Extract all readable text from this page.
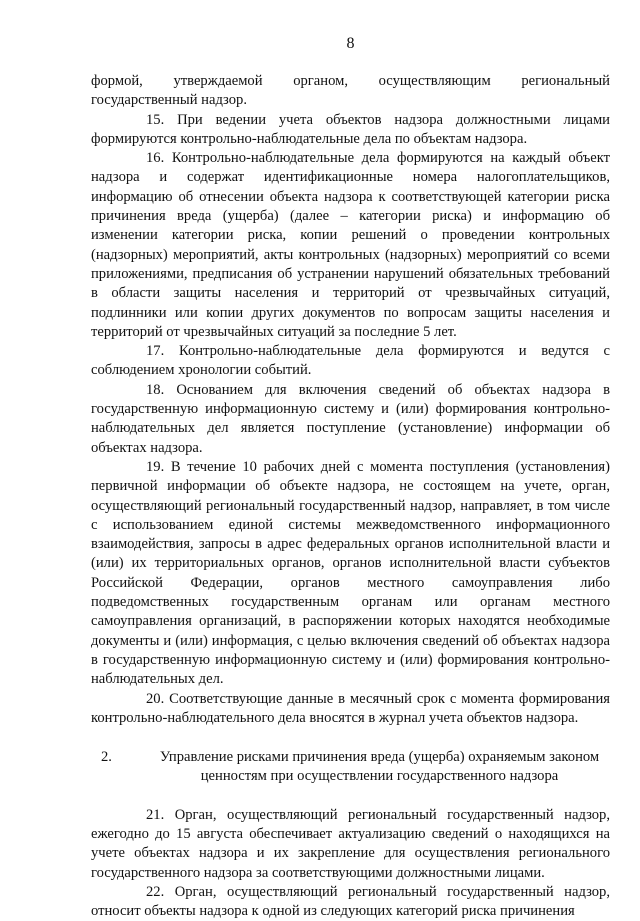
8

формой, утверждаемой органом, осуществляющим региональный государственный надзор.

15. При ведении учета объектов надзора должностными лицами формируются контрольно-наблюдательные дела по объектам надзора.

16. Контрольно-наблюдательные дела формируются на каждый объект надзора и содержат идентификационные номера налогоплательщиков, информацию об отнесении объекта надзора к соответствующей категории риска причинения вреда (ущерба) (далее – категории риска) и информацию об изменении категории риска, копии решений о проведении контрольных (надзорных) мероприятий, акты контрольных (надзорных) мероприятий со всеми приложениями, предписания об устранении нарушений обязательных требований в области защиты населения и территорий от чрезвычайных ситуаций, подлинники или копии других документов по вопросам защиты населения и территорий от чрезвычайных ситуаций за последние 5 лет.

17. Контрольно-наблюдательные дела формируются и ведутся с соблюдением хронологии событий.

18. Основанием для включения сведений об объектах надзора в государственную информационную систему и (или) формирования контрольно-наблюдательных дел является поступление (установление) информации об объектах надзора.

19. В течение 10 рабочих дней с момента поступления (установления) первичной информации об объекте надзора, не состоящем на учете, орган, осуществляющий региональный государственный надзор, направляет, в том числе с использованием единой системы межведомственного информационного взаимодействия, запросы в адрес федеральных органов исполнительной власти и (или) их территориальных органов, органов исполнительной власти субъектов Российской Федерации, органов местного самоуправления либо подведомственных государственным органам или органам местного самоуправления организаций, в распоряжении которых находятся необходимые документы и (или) информация, с целью включения сведений об объектах надзора в государственную информационную систему и (или) формирования контрольно-наблюдательных дел.

20. Соответствующие данные в месячный срок с момента формирования контрольно-наблюдательного дела вносятся в журнал учета объектов надзора.

2.	Управление рисками причинения вреда (ущерба) охраняемым законом ценностям при осуществлении государственного надзора

21. Орган, осуществляющий региональный государственный надзор, ежегодно до 15 августа обеспечивает актуализацию сведений о находящихся на учете объектах надзора и их закрепление для осуществления регионального государственного надзора за соответствующими должностными лицами.

22. Орган, осуществляющий региональный государственный надзор, относит объекты надзора к одной из следующих категорий риска причинения
